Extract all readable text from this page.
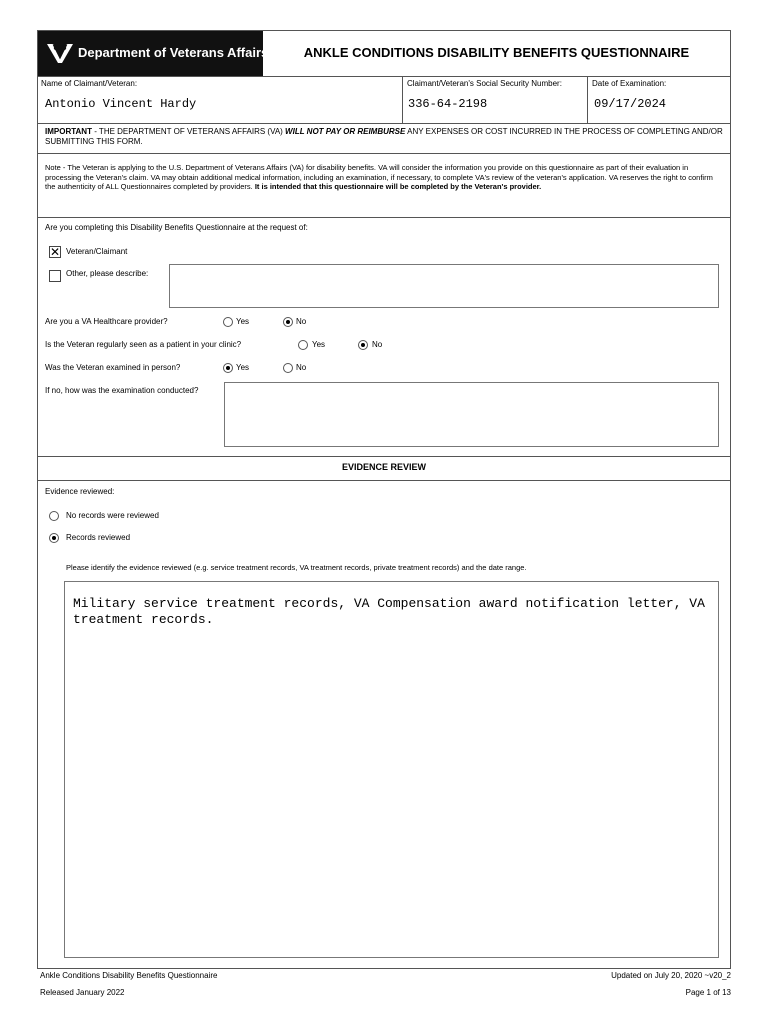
Department of Veterans Affairs	ANKLE CONDITIONS DISABILITY BENEFITS QUESTIONNAIRE
Name of Claimant/Veteran:
Antonio Vincent Hardy
Claimant/Veteran's Social Security Number:
336-64-2198
Date of Examination:
09/17/2024
IMPORTANT - THE DEPARTMENT OF VETERANS AFFAIRS (VA) WILL NOT PAY OR REIMBURSE ANY EXPENSES OR COST INCURRED IN THE PROCESS OF COMPLETING AND/OR SUBMITTING THIS FORM.
Note - The Veteran is applying to the U.S. Department of Veterans Affairs (VA) for disability benefits. VA will consider the information you provide on this questionnaire as part of their evaluation in processing the Veteran's claim. VA may obtain additional medical information, including an examination, if necessary, to complete VA's review of the veteran's application. VA reserves the right to confirm the authenticity of ALL Questionnaires completed by providers. It is intended that this questionnaire will be completed by the Veteran's provider.
Are you completing this Disability Benefits Questionnaire at the request of:
✕ Veteran/Claimant
Other, please describe:
Are you a VA Healthcare provider?	Yes	No
Is the Veteran regularly seen as a patient in your clinic?	Yes	No
Was the Veteran examined in person?	Yes	No
If no, how was the examination conducted?
EVIDENCE REVIEW
Evidence reviewed:
No records were reviewed
Records reviewed
Please identify the evidence reviewed (e.g. service treatment records, VA treatment records, private treatment records) and the date range.
Military service treatment records, VA Compensation award notification letter, VA treatment records.
Ankle Conditions Disability Benefits Questionnaire
Released January 2022
Updated on July 20, 2020 ~v20_2
Page 1 of 13
